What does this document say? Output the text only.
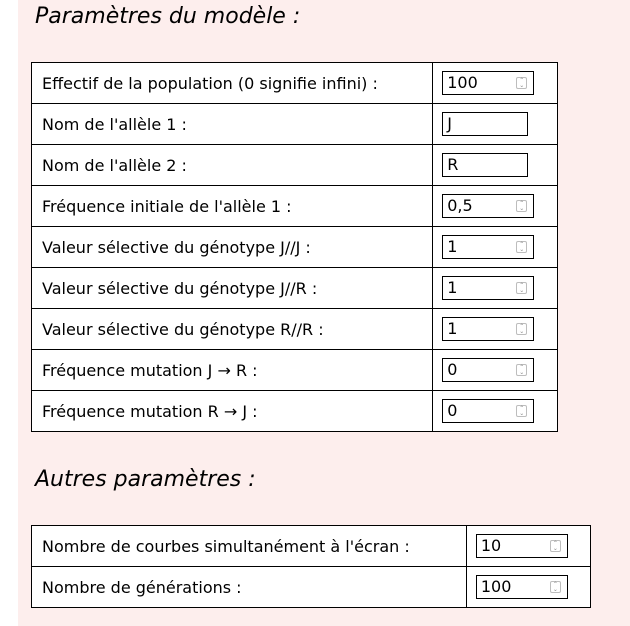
Paramètres du modèle :
Effectif de la population (0 signifie infini) :	100 ⌃
⌄

Nom de l'allèle 1 :	J
Nom de l'allèle 2 :	R
Fréquence initiale de l'allèle 1 :	0,5 ⌃
⌄

Valeur sélective du génotype J//J :	1 ⌃
⌄

Valeur sélective du génotype J//R :	1 ⌃
⌄

Valeur sélective du génotype R//R :	1 ⌃
⌄

Fréquence mutation J → R :	0 ⌃
⌄

Fréquence mutation R → J :	0 ⌃
⌄
Autres paramètres :
Nombre de courbes simultanément à l'écran :	10 ⌃
⌄

Nombre de générations :	100 ⌃
⌄
